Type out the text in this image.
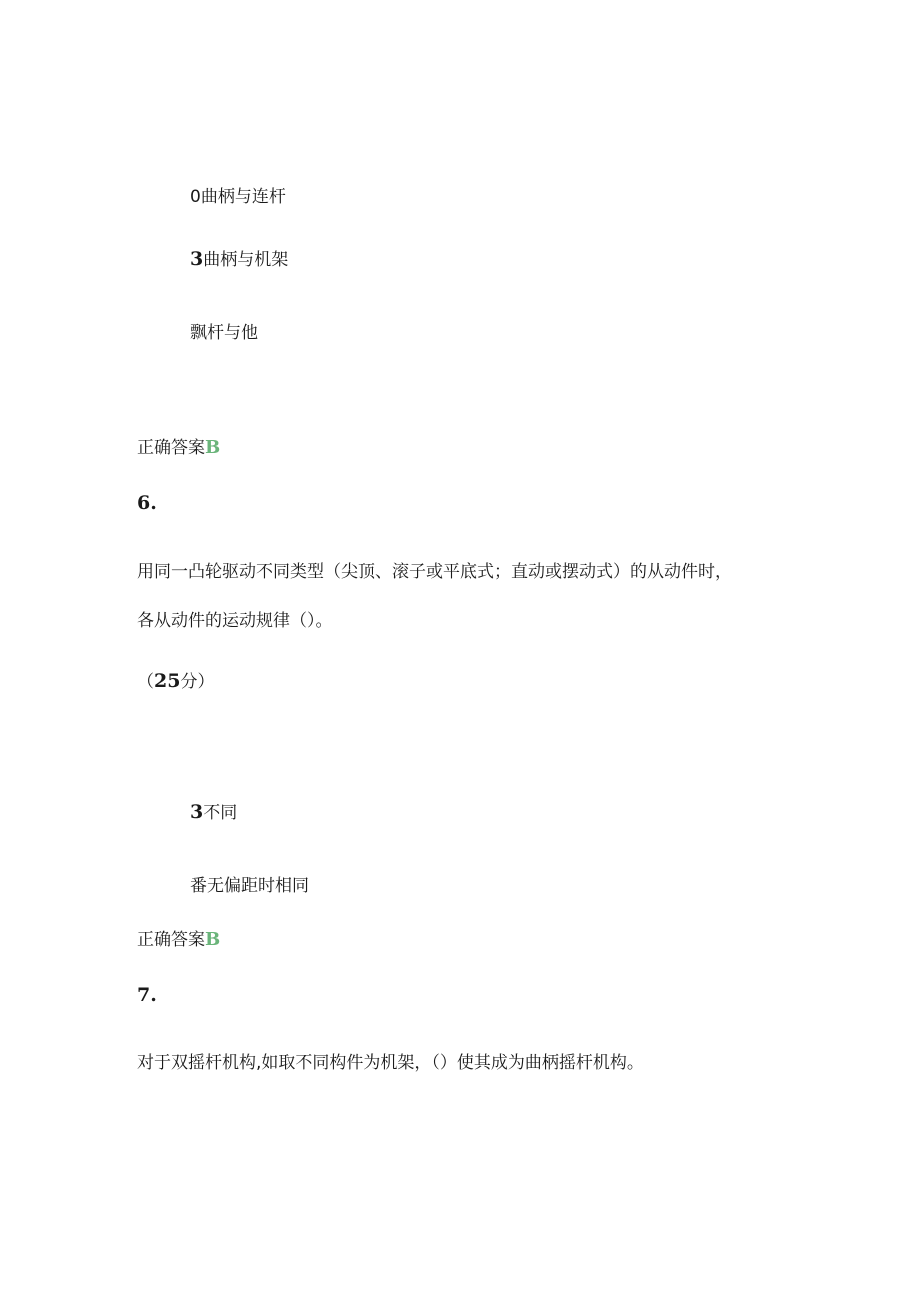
0曲柄与连杆
3曲柄与机架
飘杆与他
正确答案B
6.
用同一凸轮驱动不同类型（尖顶、滚子或平底式；直动或摆动式）的从动件时，
各从动件的运动规律（）。
（25分）
3不同
番无偏距时相同
正确答案B
7.
对于双摇杆机构,如取不同构件为机架，（）使其成为曲柄摇杆机构。
